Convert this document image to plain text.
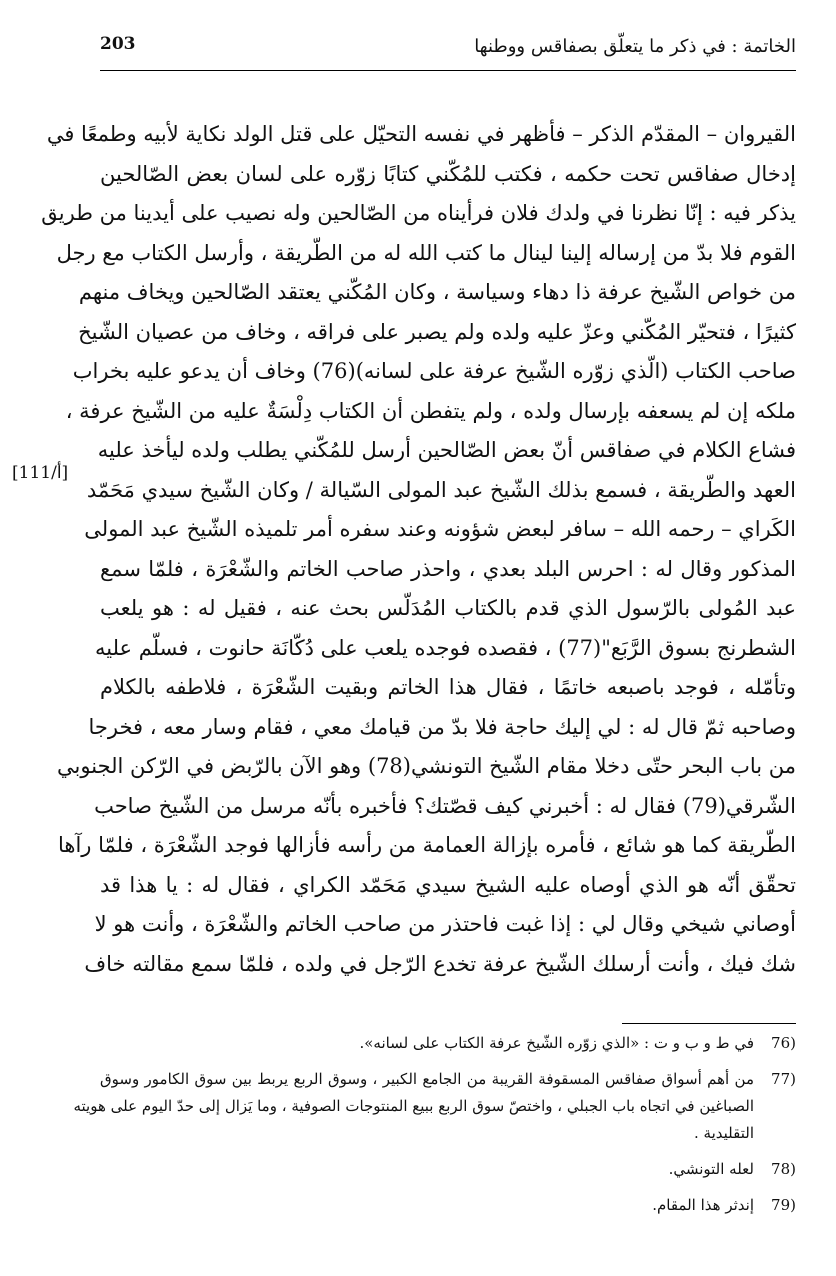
203	الخاتمة : في ذكر ما يتعلّق بصفاقس ووطنها
القيروان – المقدّم الذكر – فأظهر في نفسه التحيّل على قتل الولد نكاية لأبيه وطمعًا في
إدخال صفاقس تحت حكمه ، فكتب للمُكّني كتابًا زوّره على لسان بعض الصّالحين
يذكر فيه : إنّا نظرنا في ولدك فلان فرأيناه من الصّالحين وله نصيب على أيدينا من طريق
القوم فلا بدّ من إرساله إلينا لينال ما كتب الله له من الطّريقة ، وأرسل الكتاب مع رجل
من خواص الشّيخ عرفة ذا دهاء وسياسة ، وكان المُكّني يعتقد الصّالحين ويخاف منهم
كثيرًا ، فتحيّر المُكّني وعزّ عليه ولده ولم يصبر على فراقه ، وخاف من عصيان الشّيخ
صاحب الكتاب (الّذي زوّره الشّيخ عرفة على لسانه)(76) وخاف أن يدعو عليه بخراب
ملكه إن لم يسعفه بإرسال ولده ، ولم يتفطن أن الكتاب دِلْسَةٌ عليه من الشّيخ عرفة ،
فشاع الكلام في صفاقس أنّ بعض الصّالحين أرسل للمُكّني يطلب ولده ليأخذ عليه
العهد والطّريقة ، فسمع بذلك الشّيخ عبد المولى السّيالة / وكان الشّيخ سيدي مَحَمّد
الكَراي – رحمه الله – سافر لبعض شؤونه وعند سفره أمر تلميذه الشّيخ عبد المولى
المذكور وقال له : احرس البلد بعدي ، واحذر صاحب الخاتم والشّعْرَة ، فلمّا سمع
عبد المُولى بالرّسول الذي قدم بالكتاب المُدَلّس بحث عنه ، فقيل له : هو يلعب
الشطرنج بسوق الرَّبَع"(77) ، فقصده فوجده يلعب على دُكّانَة حانوت ، فسلّم عليه
وتأمّله ، فوجد باصبعه خاتمًا ، فقال هذا الخاتم وبقيت الشّعْرَة ، فلاطفه بالكلام
وصاحبه ثمّ قال له : لي إليك حاجة فلا بدّ من قيامك معي ، فقام وسار معه ، فخرجا
من باب البحر حتّى دخلا مقام الشّيخ التونشي(78) وهو الآن بالرّبض في الرّكن الجنوبي
الشّرقي(79) فقال له : أخبرني كيف قصّتك؟ فأخبره بأنّه مرسل من الشّيخ صاحب
الطّريقة كما هو شائع ، فأمره بإزالة العمامة من رأسه فأزالها فوجد الشّعْرَة ، فلمّا رآها
تحقّق أنّه هو الذي أوصاه عليه الشيخ سيدي مَحَمّد الكراي ، فقال له : يا هذا قد
أوصاني شيخي وقال لي : إذا غبت فاحتذر من صاحب الخاتم والشّعْرَة ، وأنت هو لا
شك فيك ، وأنت أرسلك الشّيخ عرفة تخدع الرّجل في ولده ، فلمّا سمع مقالته خاف
[111/أ]
76)
في ط و ب و ت : «الذي زوّره الشّيخ عرفة الكتاب على لسانه».
77)
من أهم أسواق صفاقس المسقوفة القريبة من الجامع الكبير ، وسوق الربع يربط بين سوق الكامور وسوق
الصباغين في اتجاه باب الجبلي ، واختصّ سوق الربع ببيع المنتوجات الصوفية ، وما يَزال إلى حدّ اليوم على هويته
التقليدية .
78)
لعله التونشي.
79)
إندثر هذا المقام.
